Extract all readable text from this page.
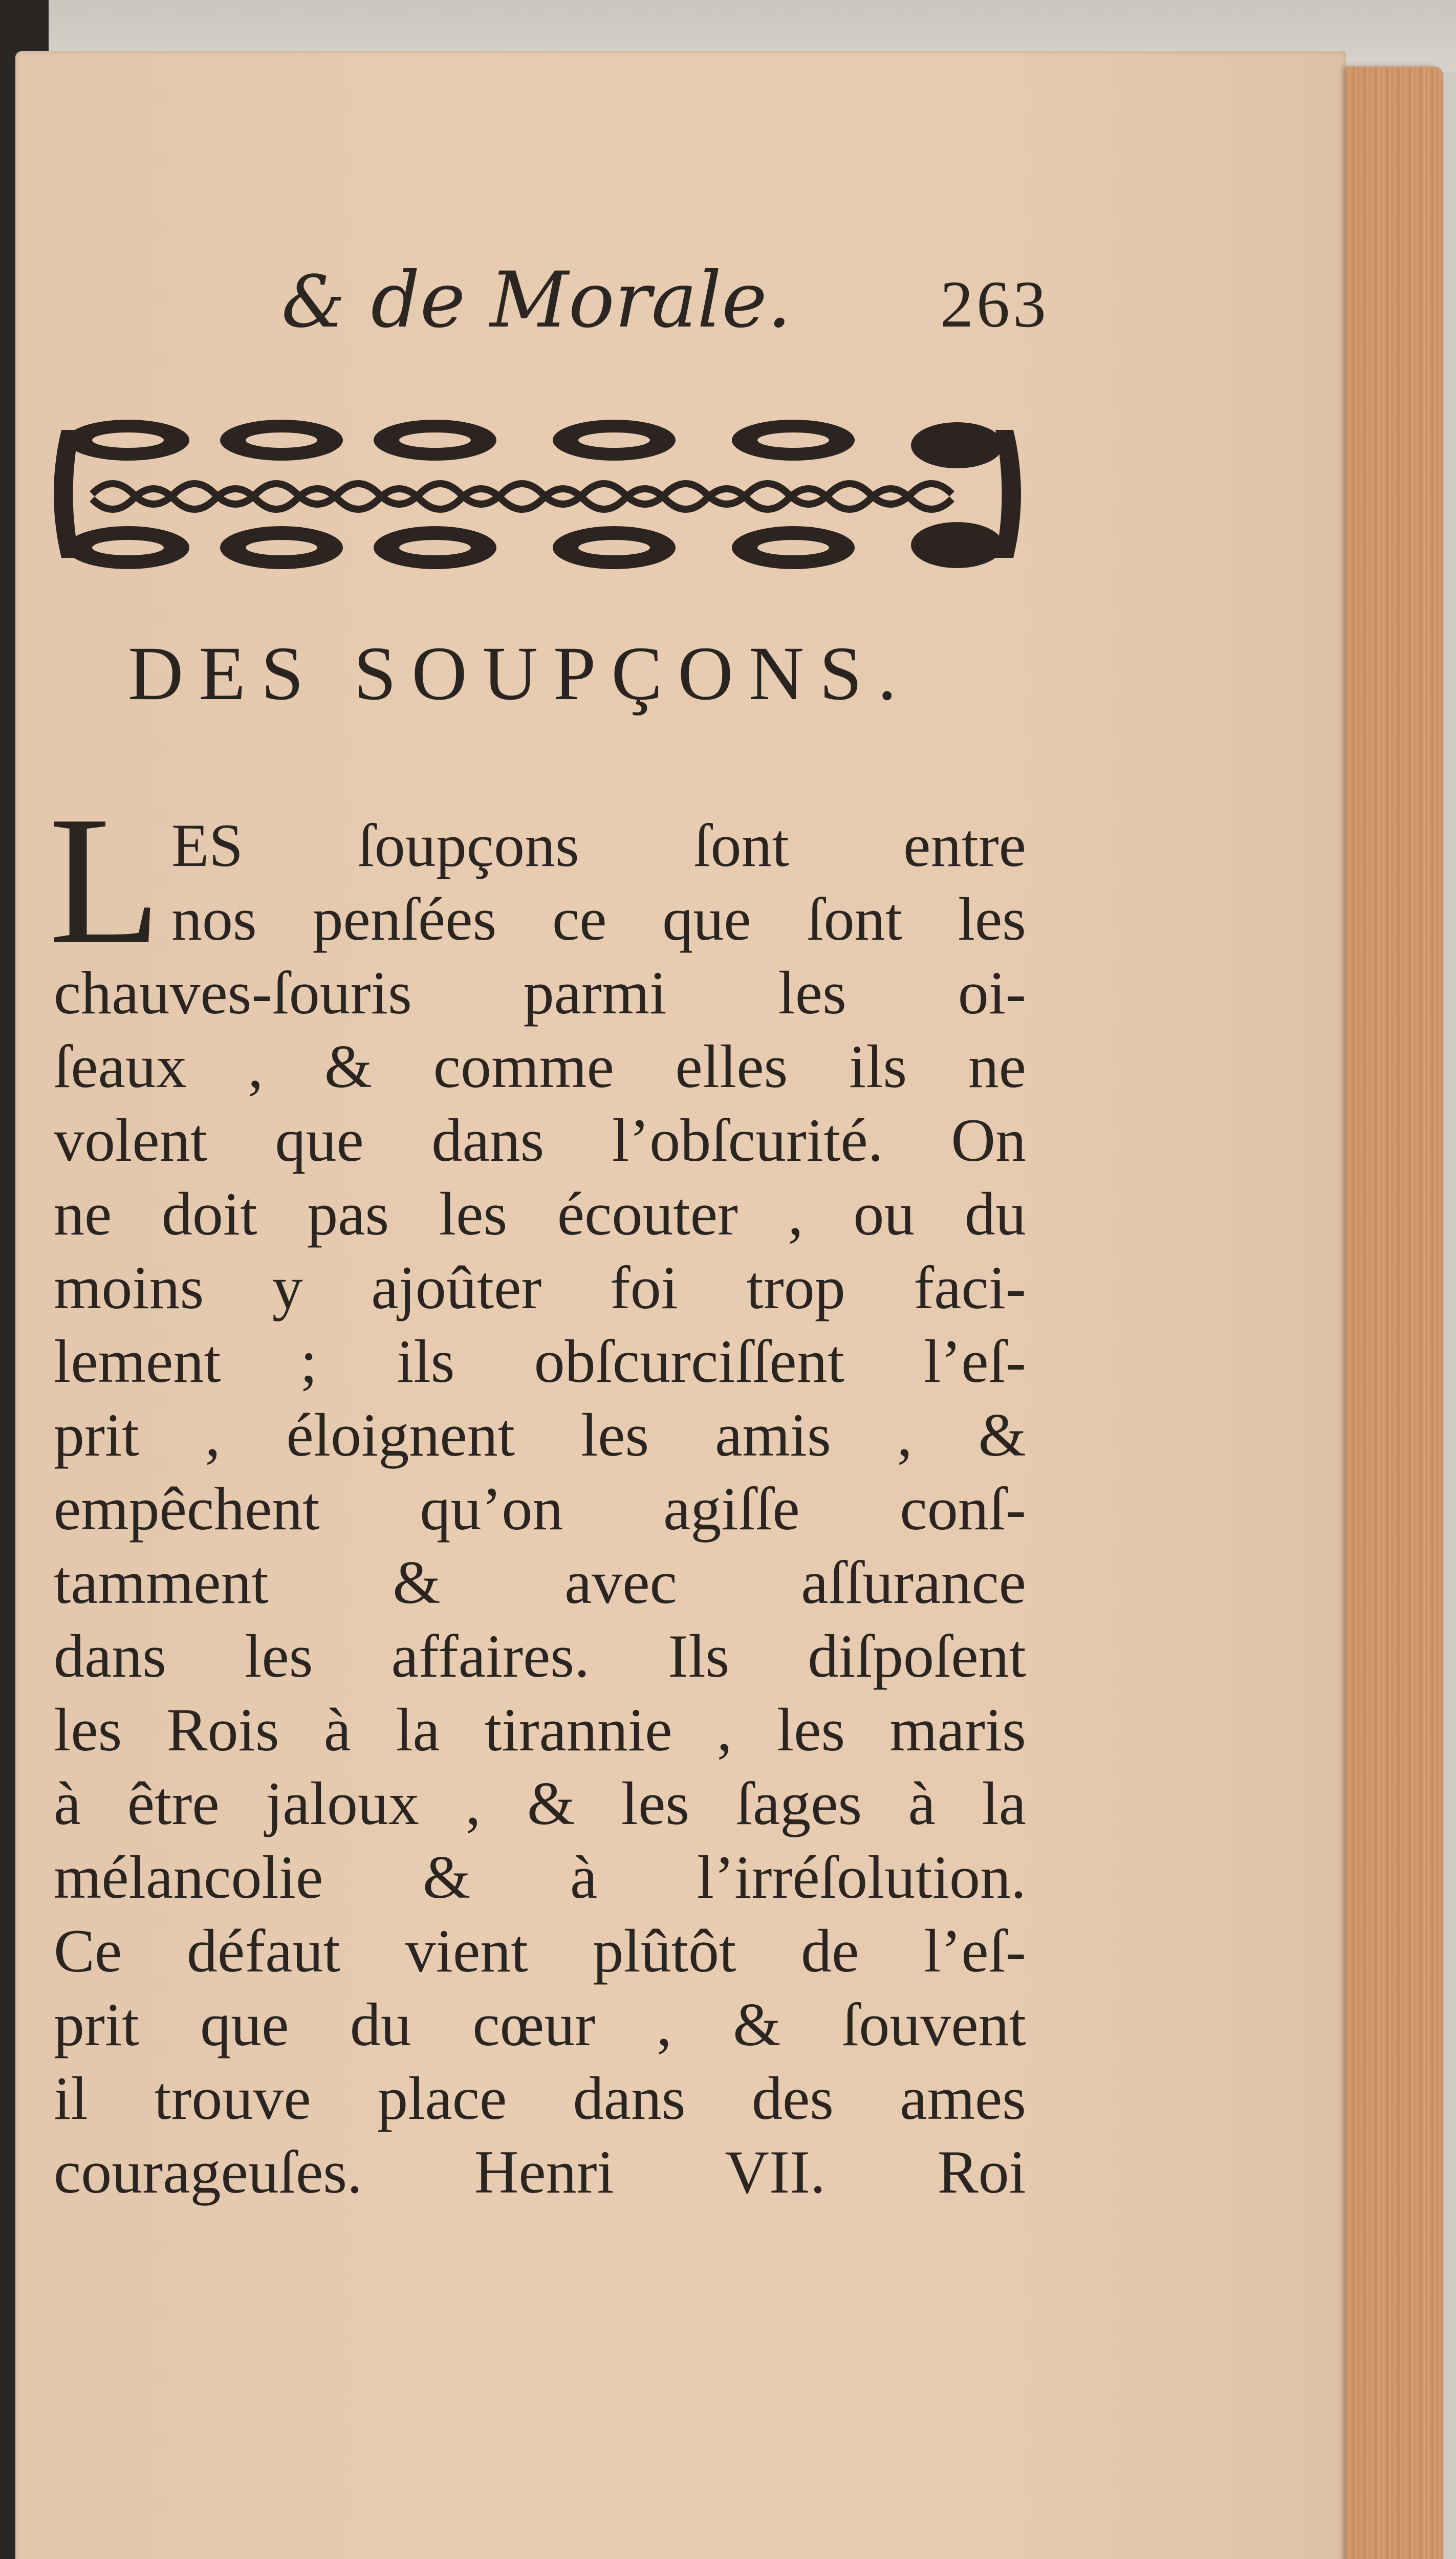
& de Morale.	263
DES SOUPÇONS.
L ES ſoupçons ſont entre
nos penſées ce que ſont les
chauves-ſouris parmi les oi-
ſeaux , & comme elles ils ne
volent que dans l’obſcurité. On
ne doit pas les écouter , ou du
moins y ajoûter foi trop faci-
lement ; ils obſcurciſſent l’eſ-
prit , éloignent les amis , &
empêchent qu’on agiſſe conſ-
tamment & avec aſſurance
dans les affaires. Ils diſpoſent
les Rois à la tirannie , les maris
à être jaloux , & les ſages à la
mélancolie & à l’irréſolution.
Ce défaut vient plûtôt de l’eſ-
prit que du cœur , & ſouvent
il trouve place dans des ames
courageuſes. Henri VII. Roi
